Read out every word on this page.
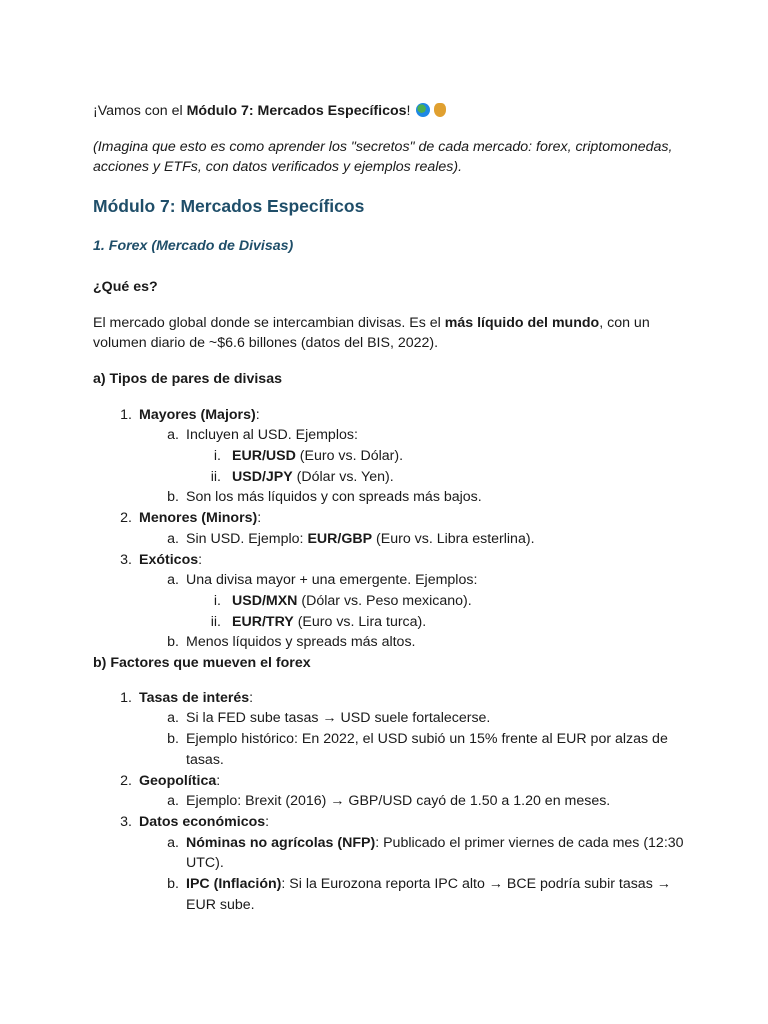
¡Vamos con el Módulo 7: Mercados Específicos!

(Imagina que esto es como aprender los "secretos" de cada mercado: forex, criptomonedas, acciones y ETFs, con datos verificados y ejemplos reales).

Módulo 7: Mercados Específicos

1. Forex (Mercado de Divisas)

¿Qué es?

El mercado global donde se intercambian divisas. Es el más líquido del mundo, con un volumen diario de ~$6.6 billones (datos del BIS, 2022).

a) Tipos de pares de divisas

1. Mayores (Majors):
a. Incluyen al USD. Ejemplos:
i. EUR/USD (Euro vs. Dólar).
ii. USD/JPY (Dólar vs. Yen).
b. Son los más líquidos y con spreads más bajos.
2. Menores (Minors):
a. Sin USD. Ejemplo: EUR/GBP (Euro vs. Libra esterlina).
3. Exóticos:
a. Una divisa mayor + una emergente. Ejemplos:
i. USD/MXN (Dólar vs. Peso mexicano).
ii. EUR/TRY (Euro vs. Lira turca).
b. Menos líquidos y spreads más altos.

b) Factores que mueven el forex

1. Tasas de interés:
a. Si la FED sube tasas → USD suele fortalecerse.
b. Ejemplo histórico: En 2022, el USD subió un 15% frente al EUR por alzas de tasas.
2. Geopolítica:
a. Ejemplo: Brexit (2016) → GBP/USD cayó de 1.50 a 1.20 en meses.
3. Datos económicos:
a. Nóminas no agrícolas (NFP): Publicado el primer viernes de cada mes (12:30 UTC).
b. IPC (Inflación): Si la Eurozona reporta IPC alto → BCE podría subir tasas → EUR sube.
